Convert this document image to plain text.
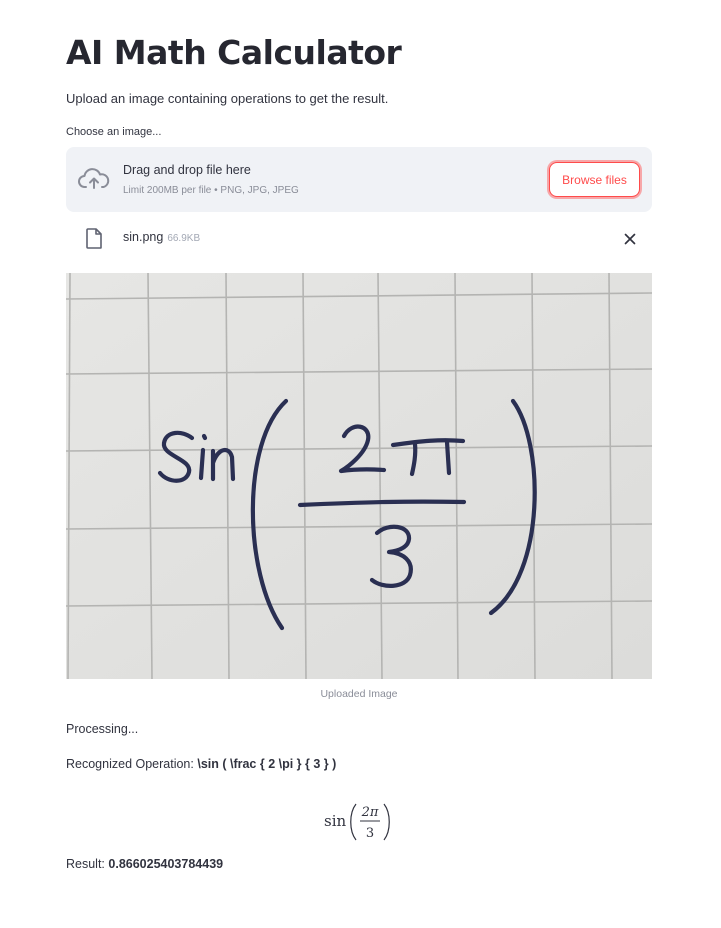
AI Math Calculator
Upload an image containing operations to get the result.
Choose an image...
Drag and drop file here
Limit 200MB per file • PNG, JPG, JPEG
Browse files
sin.png 66.9KB
Uploaded Image
Processing...
Recognized Operation: \sin ( \frac { 2 \pi } { 3 } )
sin 2π
3
Result: 0.866025403784439
